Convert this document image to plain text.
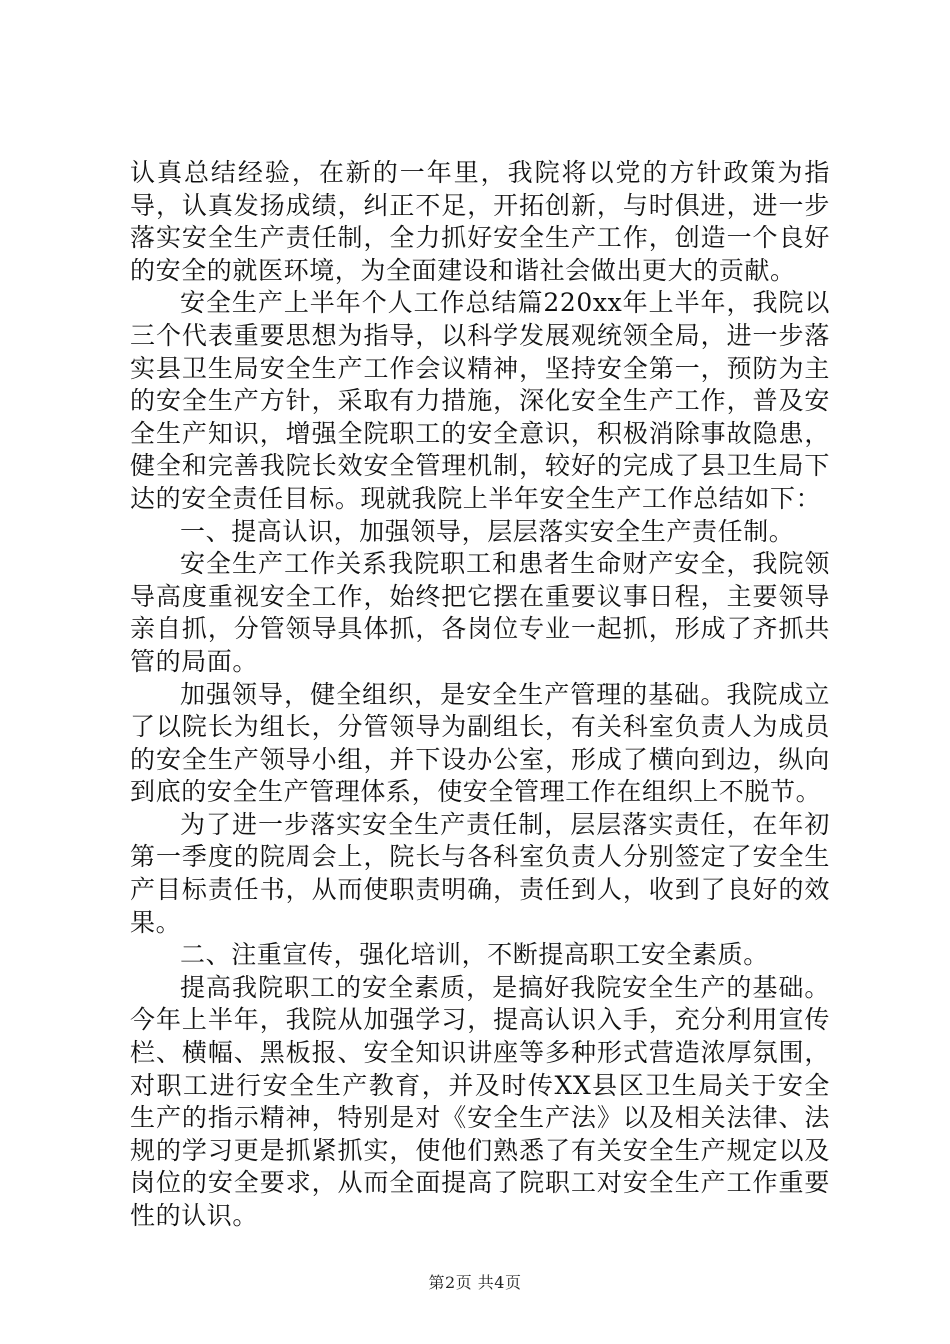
认真总结经验，在新的一年里，我院将以党的方针政策为指导，认真发扬成绩，纠正不足，开拓创新，与时俱进，进一步落实安全生产责任制，全力抓好安全生产工作，创造一个良好的安全的就医环境，为全面建设和谐社会做出更大的贡献。

安全生产上半年个人工作总结篇220xx年上半年，我院以三个代表重要思想为指导，以科学发展观统领全局，进一步落实县卫生局安全生产工作会议精神，坚持安全第一，预防为主的安全生产方针，采取有力措施，深化安全生产工作，普及安全生产知识，增强全院职工的安全意识，积极消除事故隐患，健全和完善我院长效安全管理机制，较好的完成了县卫生局下达的安全责任目标。现就我院上半年安全生产工作总结如下：

一、提高认识，加强领导，层层落实安全生产责任制。

安全生产工作关系我院职工和患者生命财产安全，我院领导高度重视安全工作，始终把它摆在重要议事日程，主要领导亲自抓，分管领导具体抓，各岗位专业一起抓，形成了齐抓共管的局面。

加强领导，健全组织，是安全生产管理的基础。我院成立了以院长为组长，分管领导为副组长，有关科室负责人为成员的安全生产领导小组，并下设办公室，形成了横向到边，纵向到底的安全生产管理体系，使安全管理工作在组织上不脱节。

为了进一步落实安全生产责任制，层层落实责任，在年初第一季度的院周会上，院长与各科室负责人分别签定了安全生产目标责任书，从而使职责明确，责任到人，收到了良好的效果。

二、注重宣传，强化培训，不断提高职工安全素质。

提高我院职工的安全素质，是搞好我院安全生产的基础。今年上半年，我院从加强学习，提高认识入手，充分利用宣传栏、横幅、黑板报、安全知识讲座等多种形式营造浓厚氛围，对职工进行安全生产教育，并及时传XX县区卫生局关于安全生产的指示精神，特别是对《安全生产法》以及相关法律、法规的学习更是抓紧抓实，使他们熟悉了有关安全生产规定以及岗位的安全要求，从而全面提高了院职工对安全生产工作重要性的认识。

第2页 共4页
